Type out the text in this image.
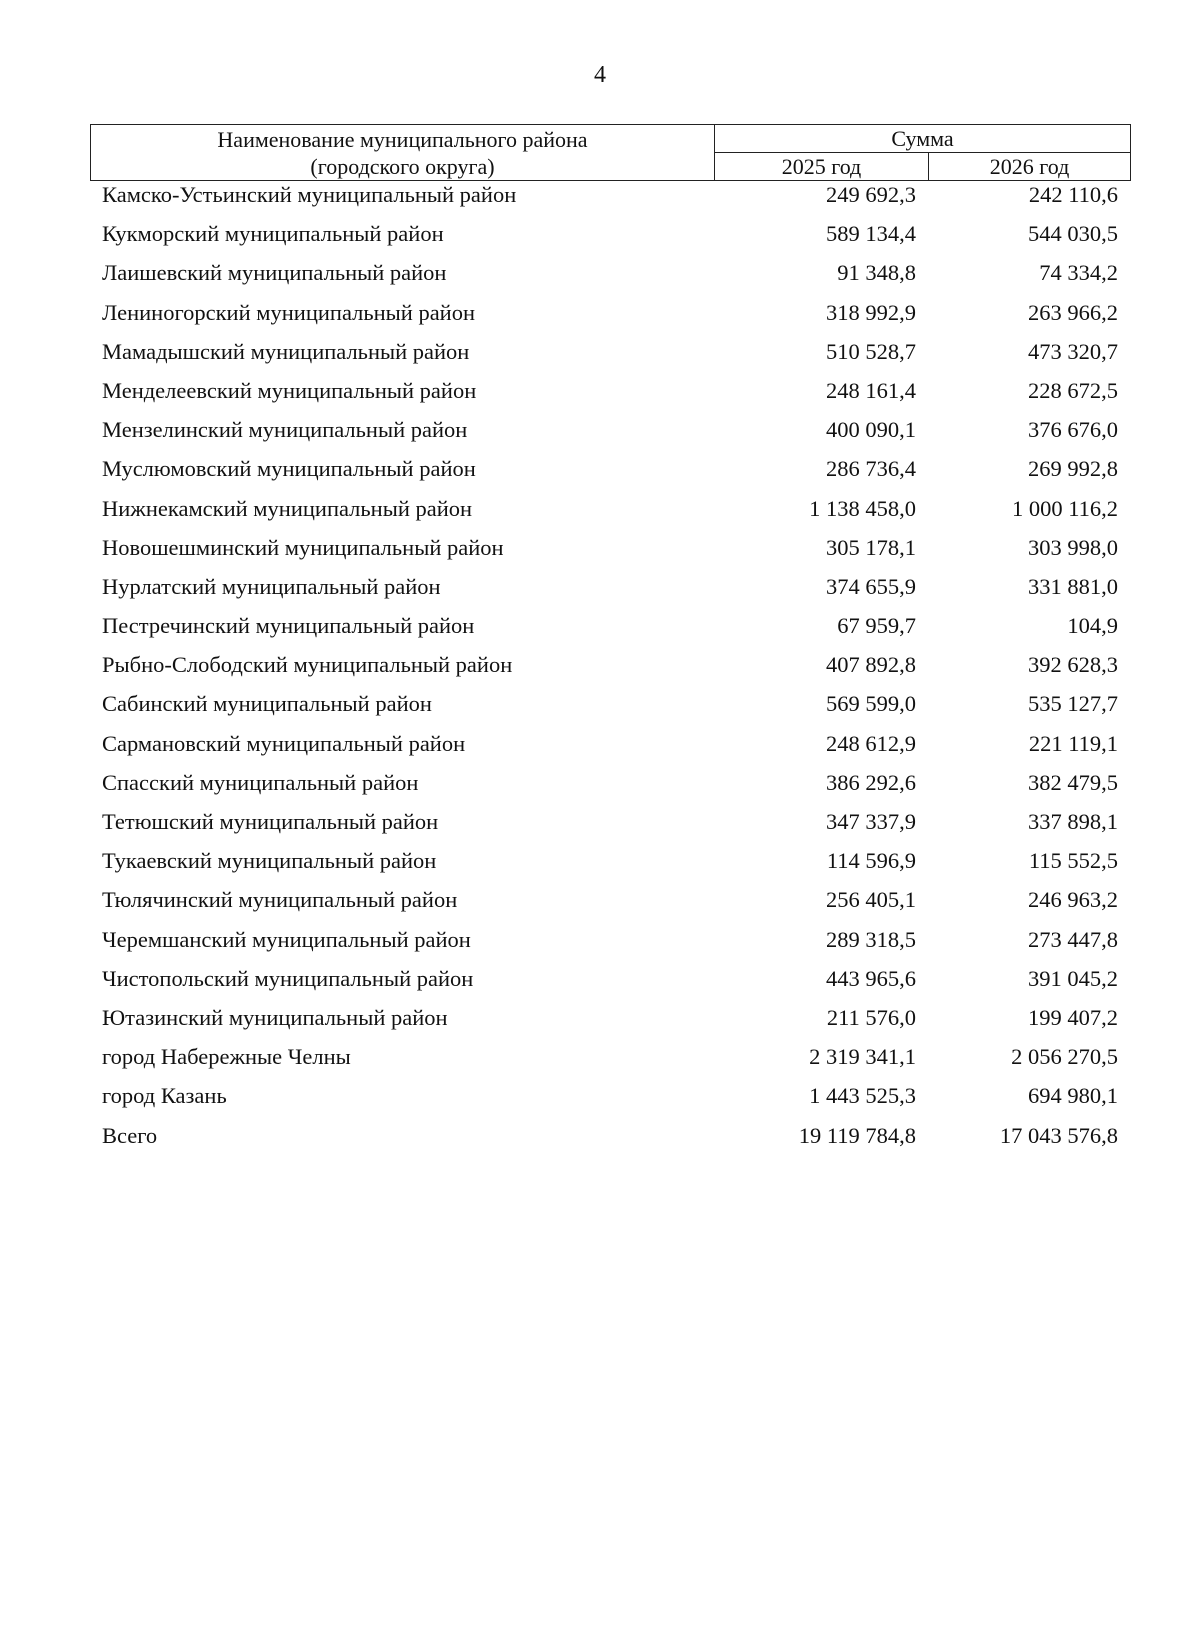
4
Наименование муниципального района
(городского округа)	Сумма	
	2025 год	2026 год
Камско-Устьинский муниципальный район	249 692,3	242 110,6
Кукморский муниципальный район	589 134,4	544 030,5
Лаишевский муниципальный район	91 348,8	74 334,2
Лениногорский муниципальный район	318 992,9	263 966,2
Мамадышский муниципальный район	510 528,7	473 320,7
Менделеевский муниципальный район	248 161,4	228 672,5
Мензелинский муниципальный район	400 090,1	376 676,0
Муслюмовский муниципальный район	286 736,4	269 992,8
Нижнекамский муниципальный район	1 138 458,0	1 000 116,2
Новошешминский муниципальный район	305 178,1	303 998,0
Нурлатский муниципальный район	374 655,9	331 881,0
Пестречинский муниципальный район	67 959,7	104,9
Рыбно-Слободский муниципальный район	407 892,8	392 628,3
Сабинский муниципальный район	569 599,0	535 127,7
Сармановский муниципальный район	248 612,9	221 119,1
Спасский муниципальный район	386 292,6	382 479,5
Тетюшский муниципальный район	347 337,9	337 898,1
Тукаевский муниципальный район	114 596,9	115 552,5
Тюлячинский муниципальный район	256 405,1	246 963,2
Черемшанский муниципальный район	289 318,5	273 447,8
Чистопольский муниципальный район	443 965,6	391 045,2
Ютазинский муниципальный район	211 576,0	199 407,2
город Набережные Челны	2 319 341,1	2 056 270,5
город Казань	1 443 525,3	694 980,1
Всего	19 119 784,8	17 043 576,8
